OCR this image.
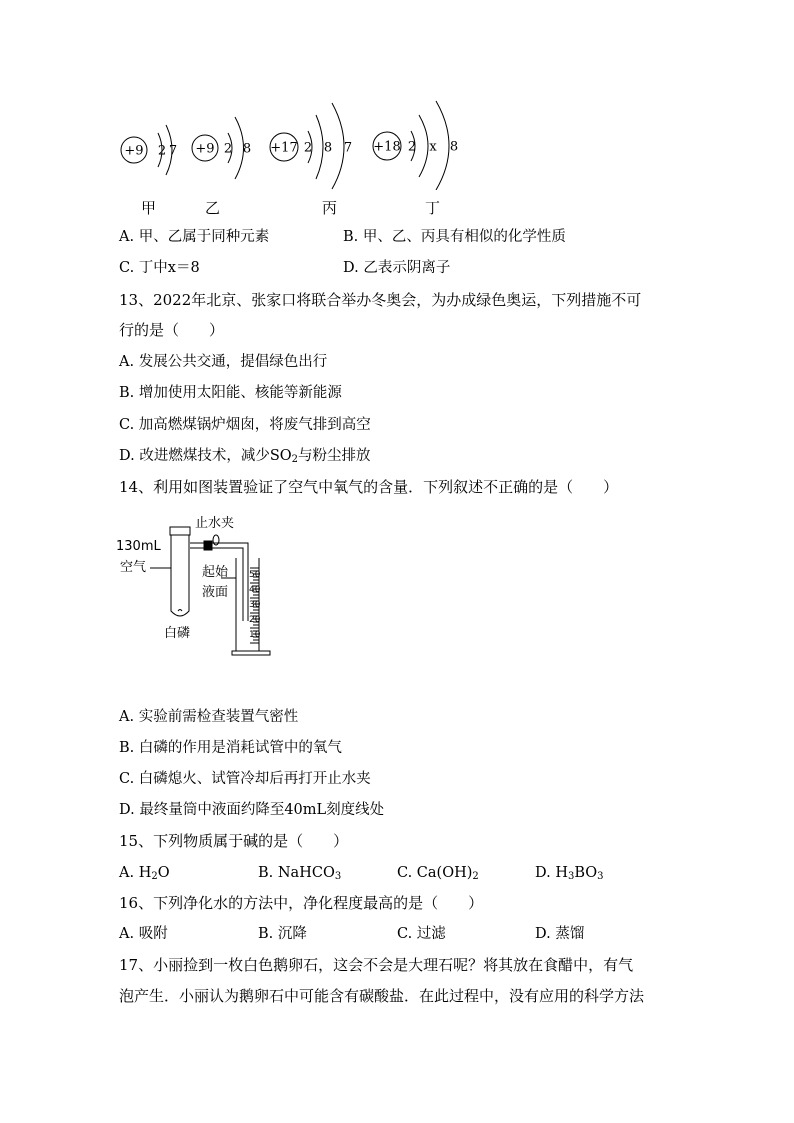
+9 2 7 +9 2 8 +17 2 8 7 +18 2 x 8
甲	乙	丙	丁
A. 甲、乙属于同种元素	B. 甲、乙、丙具有相似的化学性质
C. 丁中x＝8	D. 乙表示阴离子
13、2022年北京、张家口将联合举办冬奥会，为办成绿色奥运，下列措施不可
行的是（　　）
A. 发展公共交通，提倡绿色出行
B. 增加使用太阳能、核能等新能源
C. 加高燃煤锅炉烟囱，将废气排到高空
D. 改进燃煤技术，减少$SO_2$与粉尘排放
14、利用如图装置验证了空气中氧气的含量．下列叙述不正确的是（　　）
止水夹
130mL
空气	起始
液面
白磷
50
40
30
20
10
A. 实验前需检查装置气密性
B. 白磷的作用是消耗试管中的氧气
C. 白磷熄火、试管冷却后再打开止水夹
D. 最终量筒中液面约降至40mL刻度线处
15、下列物质属于碱的是（　　）
A. $H_2O$	B. NaHCO$_3$	C. $Ca(OH)_2$	D. $H_3BO_3$
16、下列净化水的方法中，净化程度最高的是（　　）
A. 吸附	B. 沉降	C. 过滤	D. 蒸馏
17、小丽捡到一枚白色鹅卵石，这会不会是大理石呢？将其放在食醋中，有气
泡产生．小丽认为鹅卵石中可能含有碳酸盐．在此过程中，没有应用的科学方法
